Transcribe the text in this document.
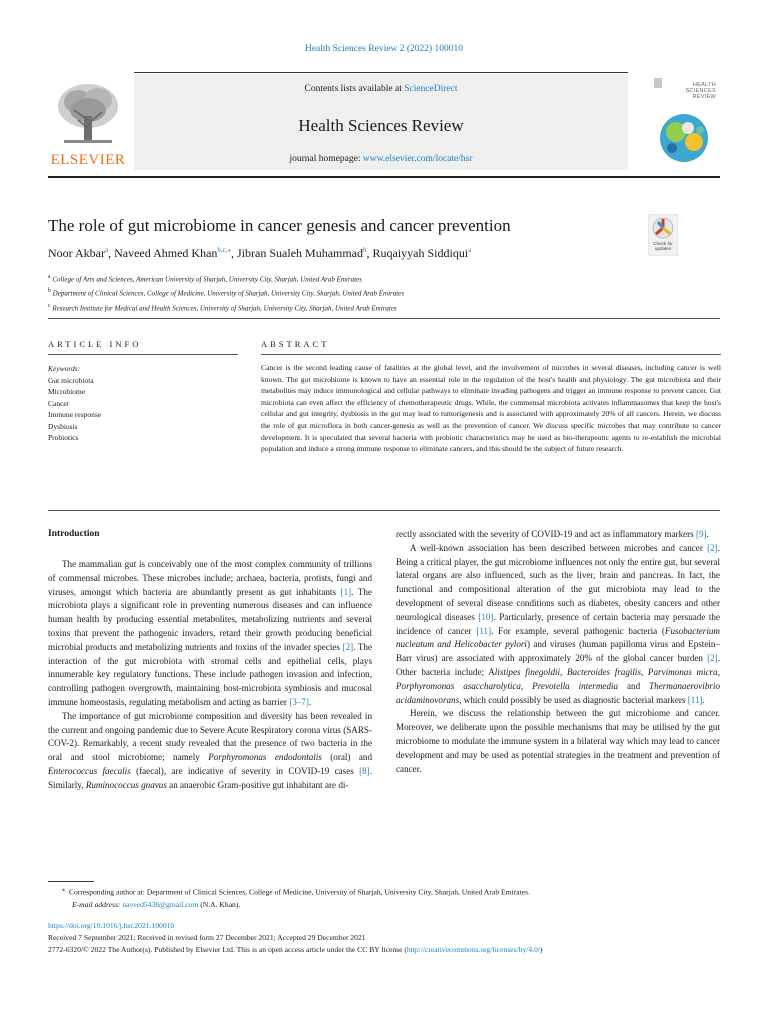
Health Sciences Review 2 (2022) 100010
ELSEVIER
Contents lists available at ScienceDirect
Health Sciences Review
journal homepage: www.elsevier.com/locate/hsr
HEALTH
SCIENCES
REVIEW
The role of gut microbiome in cancer genesis and cancer prevention
Check for
updates
Noor Akbar$^a$, Naveed Ahmed Khan$^{b,c,⁎}$, Jibran Sualeh Muhammad$^b$, Ruqaiyyah Siddiqui$^a$
$^a$ College of Arts and Sciences, American University of Sharjah, University City, Sharjah, United Arab Emirates
$^b$ Department of Clinical Sciences, College of Medicine, University of Sharjah, University City, Sharjah, United Arab Emirates
$^c$ Research Institute for Medical and Health Sciences, University of Sharjah, University City, Sharjah, United Arab Emirates
ARTICLE INFO	ABSTRACT
Keywords:
Gut microbiota
Microbiome
Cancer
Immune response
Dysbiosis
Probiotics
Cancer is the second leading cause of fatalities at the global level, and the involvement of microbes in several diseases, including cancer is well known. The gut microbiome is known to have an essential role in the regulation of the host's health and physiology. The gut microbiota and their metabolites may induce immunological and cellular pathways to eliminate invading pathogens and trigger an immune response to prevent cancer. Gut microbiota can even affect the efficiency of chemotherapeutic drugs. While, the commensal microbiota activates inflammasomes that keep the host's cellular and gut integrity, dysbiosis in the gut may lead to tumorigenesis and is associated with approximately 20% of all cancers. Herein, we discuss the role of gut microflora in both cancer-genesis as well as the prevention of cancer. We discuss specific microbes that may contribute to cancer development. It is speculated that several bacteria with probiotic characteristics may be used as bio-therapeutic agents to re-establish the microbial population and induce a strong immune response to eliminate cancers, and this should be the subject of future research.
Introduction

The mammalian gut is conceivably one of the most complex community of trillions of commensal microbes. These microbes include; archaea, bacteria, protists, fungi and viruses, amongst which bacteria are abundantly present as gut inhabitants [1]. The microbiota plays a significant role in preventing numerous diseases and can influence human health by producing essential metabolites, metabolizing nutrients and several toxins that prevent the pathogenic invaders, retard their growth producing beneficial microbial products and metabolizing nutrients and toxins of the invader species [2]. The interaction of the gut microbiota with stromal cells and epithelial cells, plays innumerable key regulatory functions. These include pathogen invasion and infection, controlling pathogen overgrowth, maintaining host-microbiota symbiosis and mucosal immune homeostasis, regulating metabolism and acting as barrier [3–7].

The importance of gut microbiome composition and diversity has been revealed in the current and ongoing pandemic due to Severe Acute Respiratory corona virus (SARS-COV-2). Remarkably, a recent study revealed that the presence of two bacteria in the oral and stool microbiome; namely Porphyromonas endodontalis (oral) and Enterococcus faecalis (faecal), are indicative of severity in COVID-19 cases [8]. Similarly, Ruminococcus gnavus an anaerobic Gram-positive gut inhabitant are di-

rectly associated with the severity of COVID-19 and act as inflammatory markers [9].

A well-known association has been described between microbes and cancer [2]. Being a critical player, the gut microbiome influences not only the entire gut, but several lateral organs are also influenced, such as the liver, brain and pancreas. In fact, the functional and compositional alteration of the gut microbiota may lead to the development of several disease conditions such as diabetes, obesity cancers and other neurological diseases [10]. Particularly, presence of certain bacteria may persuade the incidence of cancer [11]. For example, several pathogenic bacteria (Fusobacterium nucleatum and Helicobacter pylori) and viruses (human papilloma virus and Epstein–Barr virus) are associated with approximately 20% of the global cancer burden [2]. Other bacteria include; Alistipes finegoldii, Bacteroides fragilis, Parvimonas micra, Porphyromonas asaccharolytica, Prevotella intermedia and Thermanaerovibrio acidaminovorans, which could possibly be used as diagnostic bacterial markers [11].

Herein, we discuss the relationship between the gut microbiome and cancer. Moreover, we deliberate upon the possible mechanisms that may be utilised by the gut microbiome to modulate the immune system in a bilateral way which may lead to cancer development and may be used as potential strategies in the treatment and prevention of cancer.

⁎ Corresponding author at: Department of Clinical Sciences, College of Medicine, University of Sharjah, University City, Sharjah, United Arab Emirates.
E-mail address: naveed5438@gmail.com (N.A. Khan).
https://doi.org/10.1016/j.hsr.2021.100010
Received 7 September 2021; Received in revised form 27 December 2021; Accepted 29 December 2021
2772-6320/© 2022 The Author(s). Published by Elsevier Ltd. This is an open access article under the CC BY license (http://creativecommons.org/licenses/by/4.0/)
